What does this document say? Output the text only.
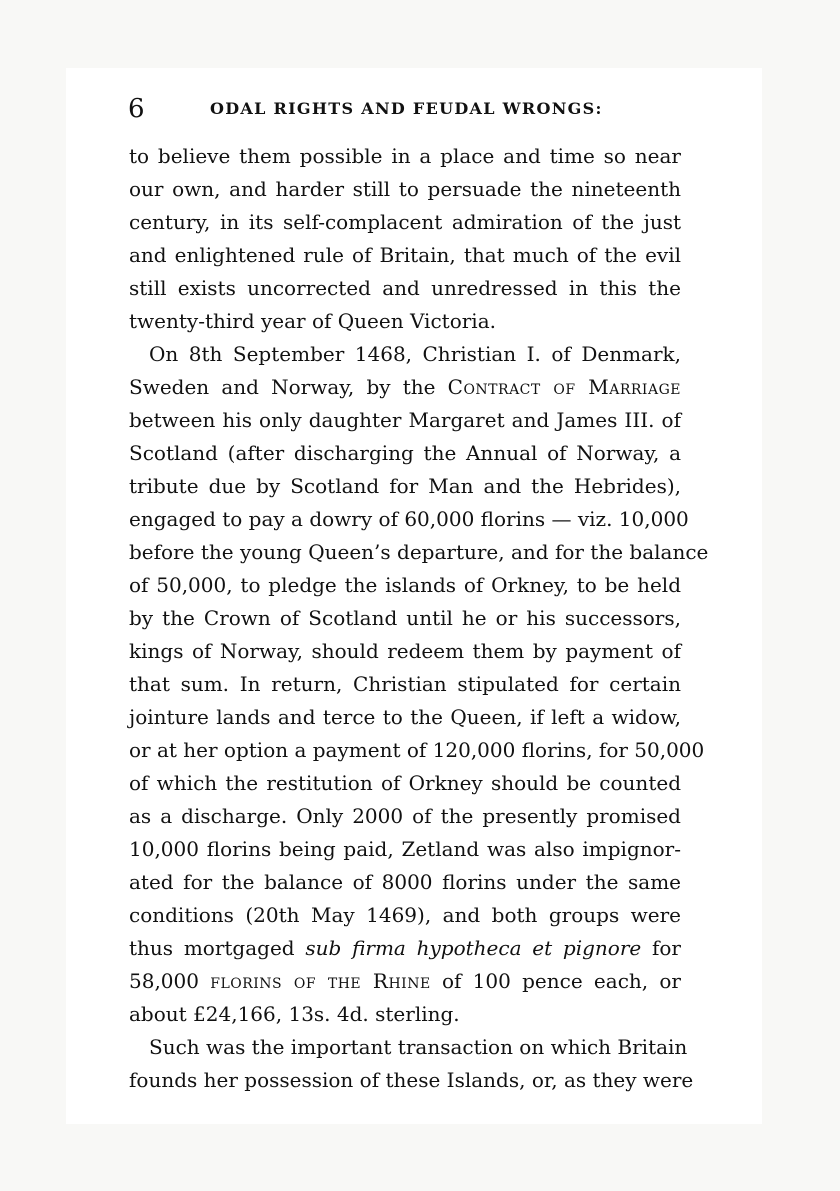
6	ODAL RIGHTS AND FEUDAL WRONGS:
to believe them possible in a place and time so near
our own, and harder still to persuade the nineteenth
century, in its self-complacent admiration of the just
and enlightened rule of Britain, that much of the evil
still exists uncorrected and unredressed in this the
twenty-third year of Queen Victoria.
On 8th September 1468, Christian I. of Denmark,
Sweden and Norway, by the Contract of Marriage
between his only daughter Margaret and James III. of
Scotland (after discharging the Annual of Norway, a
tribute due by Scotland for Man and the Hebrides),
engaged to pay a dowry of 60,000 florins — viz. 10,000
before the young Queen’s departure, and for the balance
of 50,000, to pledge the islands of Orkney, to be held
by the Crown of Scotland until he or his successors,
kings of Norway, should redeem them by payment of
that sum. In return, Christian stipulated for certain
jointure lands and terce to the Queen, if left a widow,
or at her option a payment of 120,000 florins, for 50,000
of which the restitution of Orkney should be counted
as a discharge. Only 2000 of the presently promised
10,000 florins being paid, Zetland was also impignor-
ated for the balance of 8000 florins under the same
conditions (20th May 1469), and both groups were
thus mortgaged sub firma hypotheca et pignore for
58,000 florins of the Rhine of 100 pence each, or
about £24,166, 13s. 4d. sterling.
Such was the important transaction on which Britain
founds her possession of these Islands, or, as they were
